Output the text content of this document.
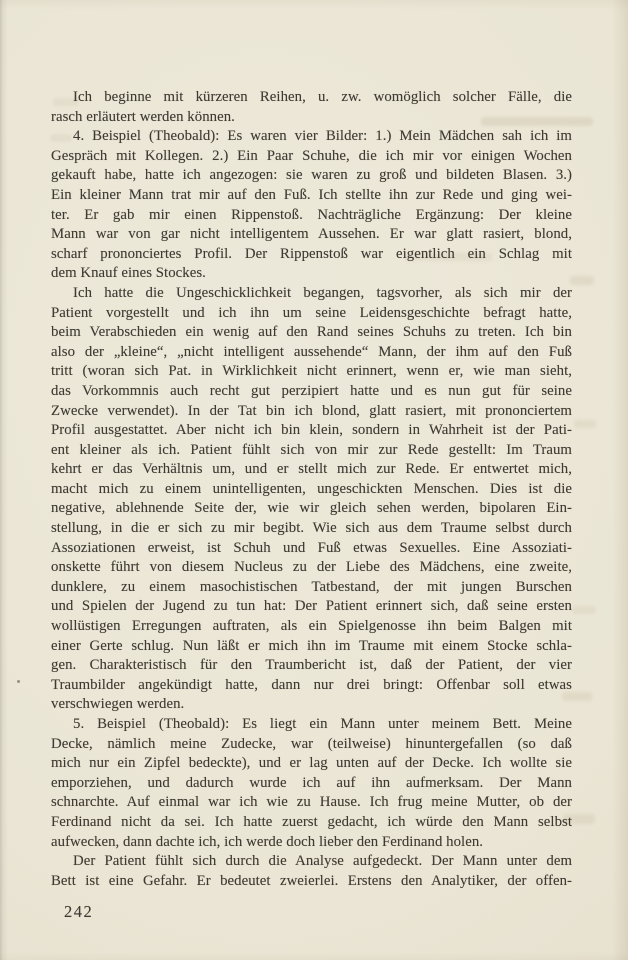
Ich beginne mit kürzeren Reihen, u. zw. womöglich solcher Fälle, die
rasch erläutert werden können.
4. Beispiel (Theobald): Es waren vier Bilder: 1.) Mein Mädchen sah ich im
Gespräch mit Kollegen. 2.) Ein Paar Schuhe, die ich mir vor einigen Wochen
gekauft habe, hatte ich angezogen: sie waren zu groß und bildeten Blasen. 3.)
Ein kleiner Mann trat mir auf den Fuß. Ich stellte ihn zur Rede und ging wei-
ter. Er gab mir einen Rippenstoß. Nachträgliche Ergänzung: Der kleine
Mann war von gar nicht intelligentem Aussehen. Er war glatt rasiert, blond,
scharf prononciertes Profil. Der Rippenstoß war eigentlich ein Schlag mit
dem Knauf eines Stockes.
Ich hatte die Ungeschicklichkeit begangen, tagsvorher, als sich mir der
Patient vorgestellt und ich ihn um seine Leidensgeschichte befragt hatte,
beim Verabschieden ein wenig auf den Rand seines Schuhs zu treten. Ich bin
also der „kleine“, „nicht intelligent aussehende“ Mann, der ihm auf den Fuß
tritt (woran sich Pat. in Wirklichkeit nicht erinnert, wenn er, wie man sieht,
das Vorkommnis auch recht gut perzipiert hatte und es nun gut für seine
Zwecke verwendet). In der Tat bin ich blond, glatt rasiert, mit prononciertem
Profil ausgestattet. Aber nicht ich bin klein, sondern in Wahrheit ist der Pati-
ent kleiner als ich. Patient fühlt sich von mir zur Rede gestellt: Im Traum
kehrt er das Verhältnis um, und er stellt mich zur Rede. Er entwertet mich,
macht mich zu einem unintelligenten, ungeschickten Menschen. Dies ist die
negative, ablehnende Seite der, wie wir gleich sehen werden, bipolaren Ein-
stellung, in die er sich zu mir begibt. Wie sich aus dem Traume selbst durch
Assoziationen erweist, ist Schuh und Fuß etwas Sexuelles. Eine Assoziati-
onskette führt von diesem Nucleus zu der Liebe des Mädchens, eine zweite,
dunklere, zu einem masochistischen Tatbestand, der mit jungen Burschen
und Spielen der Jugend zu tun hat: Der Patient erinnert sich, daß seine ersten
wollüstigen Erregungen auftraten, als ein Spielgenosse ihn beim Balgen mit
einer Gerte schlug. Nun läßt er mich ihn im Traume mit einem Stocke schla-
gen. Charakteristisch für den Traumbericht ist, daß der Patient, der vier
Traumbilder angekündigt hatte, dann nur drei bringt: Offenbar soll etwas
verschwiegen werden.
5. Beispiel (Theobald): Es liegt ein Mann unter meinem Bett. Meine
Decke, nämlich meine Zudecke, war (teilweise) hinuntergefallen (so daß
mich nur ein Zipfel bedeckte), und er lag unten auf der Decke. Ich wollte sie
emporziehen, und dadurch wurde ich auf ihn aufmerksam. Der Mann
schnarchte. Auf einmal war ich wie zu Hause. Ich frug meine Mutter, ob der
Ferdinand nicht da sei. Ich hatte zuerst gedacht, ich würde den Mann selbst
aufwecken, dann dachte ich, ich werde doch lieber den Ferdinand holen.
Der Patient fühlt sich durch die Analyse aufgedeckt. Der Mann unter dem
Bett ist eine Gefahr. Er bedeutet zweierlei. Erstens den Analytiker, der offen-
242
